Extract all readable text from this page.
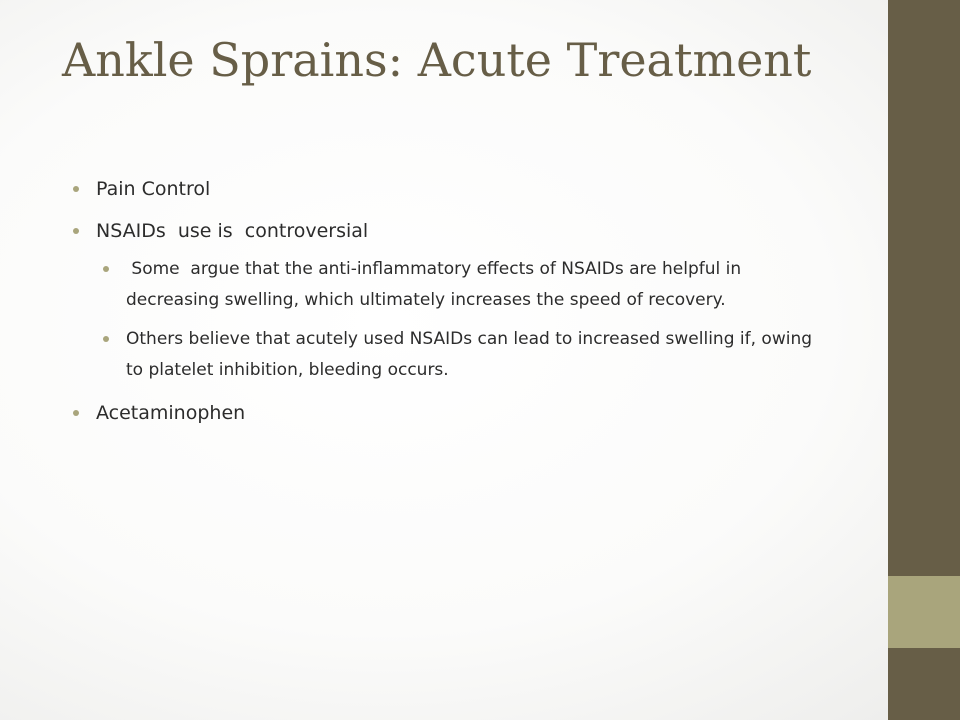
Ankle Sprains: Acute Treatment
Pain Control
NSAIDs  use is  controversial
Some  argue that the anti-inflammatory effects of NSAIDs are helpful in decreasing swelling, which ultimately increases the speed of recovery.
Others believe that acutely used NSAIDs can lead to increased swelling if, owing to platelet inhibition, bleeding occurs.
Acetaminophen
